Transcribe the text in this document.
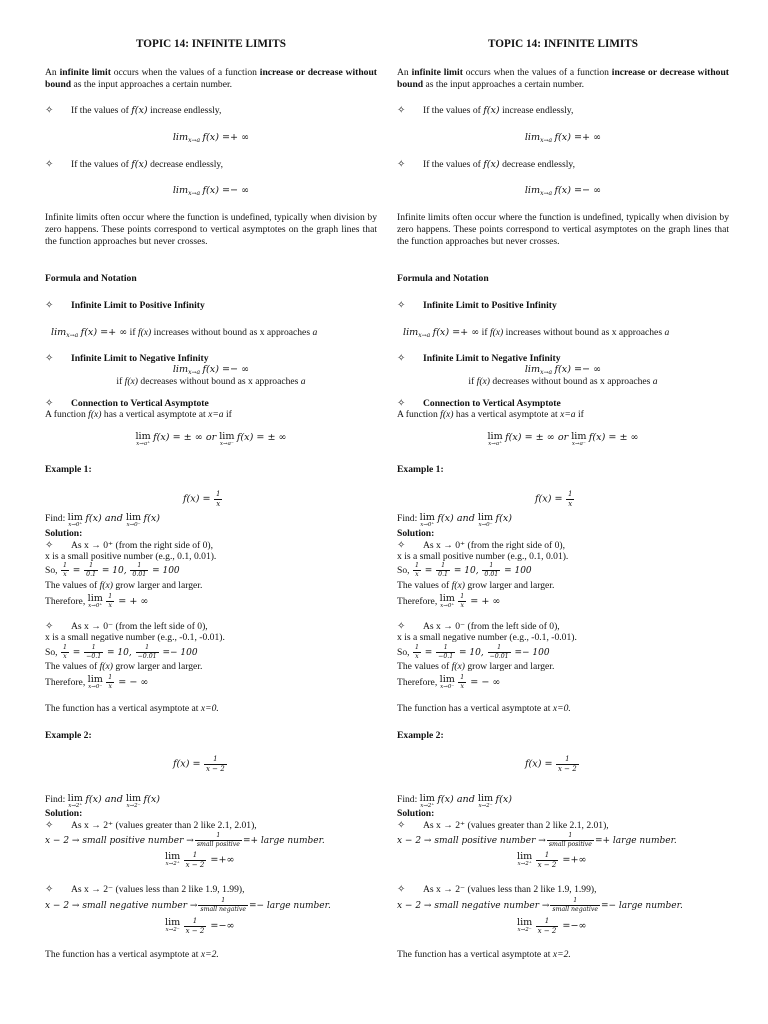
TOPIC 14: INFINITE LIMITS
An infinite limit occurs when the values of a function increase or decrease without bound as the input approaches a certain number.
✧ If the values of f(x) increase endlessly,
$\lim_{x\to a} f(x)$ =+ ∞
✧ If the values of f(x) decrease endlessly,
$\lim_{x\to a} f(x)$ =− ∞
Infinite limits often occur where the function is undefined, typically when division by zero happens. These points correspond to vertical asymptotes on the graph lines that the function approaches but never crosses.
Formula and Notation
✧ Infinite Limit to Positive Infinity
$\lim_{x\to a} f(x)$ =+ ∞ if f(x) increases without bound as x approaches a
✧ Infinite Limit to Negative Infinity
$\lim_{x\to a} f(x)$ =− ∞
if f(x) decreases without bound as x approaches a
✧ Connection to Vertical Asymptote
A function f(x) has a vertical asymptote at x=a if
lim
x→a⁺
f(x) = ± ∞ or lim
x→a⁻
f(x) = ± ∞
Example 1:
$f(x) = \frac{1}{x}$
Find: lim
x→0⁺
f(x) and lim
x→0⁻
f(x)
Solution:
✧ As x → 0⁺ (from the right side of 0),
x is a small positive number (e.g., 0.1, 0.01).
So, $\frac{1}{x} = \frac{1}{0.1} = 10$, $\frac{1}{0.01} = 100$
The values of f(x) grow larger and larger.
Therefore, lim
x→0⁺
$\frac{1}{x}$ = + ∞
✧ As x → 0⁻ (from the left side of 0),
x is a small negative number (e.g., -0.1, -0.01).
So, $\frac{1}{x} = \frac{1}{-0.1} = 10$, $\frac{1}{-0.01} =- 100$
The values of f(x) grow larger and larger.
Therefore, lim
x→0⁻
$\frac{1}{x}$ = − ∞
The function has a vertical asymptote at x=0.
Example 2:
$f(x) = \frac{1}{x - 2}$
Find: lim
x→2⁺
f(x) and lim
x→2⁻
f(x)
Solution:
✧ As x → 2⁺ (values greater than 2 like 2.1, 2.01),
x − 2 → small positive number → $\frac{1}{\text{small positive}}$ =+ large number.
lim
x→2⁺
$\frac{1}{x - 2}$ =+∞
✧ As x → 2⁻ (values less than 2 like 1.9, 1.99),
x − 2 → small negative number → $\frac{1}{\text{small negative}}$ =− large number.
lim
x→2⁻
$\frac{1}{x - 2}$ =−∞
The function has a vertical asymptote at x=2.
TOPIC 14: INFINITE LIMITS
An infinite limit occurs when the values of a function increase or decrease without bound as the input approaches a certain number.
✧ If the values of f(x) increase endlessly,
$\lim_{x\to a} f(x)$ =+ ∞
✧ If the values of f(x) decrease endlessly,
$\lim_{x\to a} f(x)$ =− ∞
Infinite limits often occur where the function is undefined, typically when division by zero happens. These points correspond to vertical asymptotes on the graph lines that the function approaches but never crosses.
Formula and Notation
✧ Infinite Limit to Positive Infinity
$\lim_{x\to a} f(x)$ =+ ∞ if f(x) increases without bound as x approaches a
✧ Infinite Limit to Negative Infinity
$\lim_{x\to a} f(x)$ =− ∞
if f(x) decreases without bound as x approaches a
✧ Connection to Vertical Asymptote
A function f(x) has a vertical asymptote at x=a if
lim
x→a⁺
f(x) = ± ∞ or lim
x→a⁻
f(x) = ± ∞
Example 1:
$f(x) = \frac{1}{x}$
Find: lim
x→0⁺
f(x) and lim
x→0⁻
f(x)
Solution:
✧ As x → 0⁺ (from the right side of 0),
x is a small positive number (e.g., 0.1, 0.01).
So, $\frac{1}{x} = \frac{1}{0.1} = 10$, $\frac{1}{0.01} = 100$
The values of f(x) grow larger and larger.
Therefore, lim
x→0⁺
$\frac{1}{x}$ = + ∞
✧ As x → 0⁻ (from the left side of 0),
x is a small negative number (e.g., -0.1, -0.01).
So, $\frac{1}{x} = \frac{1}{-0.1} = 10$, $\frac{1}{-0.01} =- 100$
The values of f(x) grow larger and larger.
Therefore, lim
x→0⁻
$\frac{1}{x}$ = − ∞
The function has a vertical asymptote at x=0.
Example 2:
$f(x) = \frac{1}{x - 2}$
Find: lim
x→2⁺
f(x) and lim
x→2⁻
f(x)
Solution:
✧ As x → 2⁺ (values greater than 2 like 2.1, 2.01),
x − 2 → small positive number → $\frac{1}{\text{small positive}}$ =+ large number.
lim
x→2⁺
$\frac{1}{x - 2}$ =+∞
✧ As x → 2⁻ (values less than 2 like 1.9, 1.99),
x − 2 → small negative number → $\frac{1}{\text{small negative}}$ =− large number.
lim
x→2⁻
$\frac{1}{x - 2}$ =−∞
The function has a vertical asymptote at x=2.
